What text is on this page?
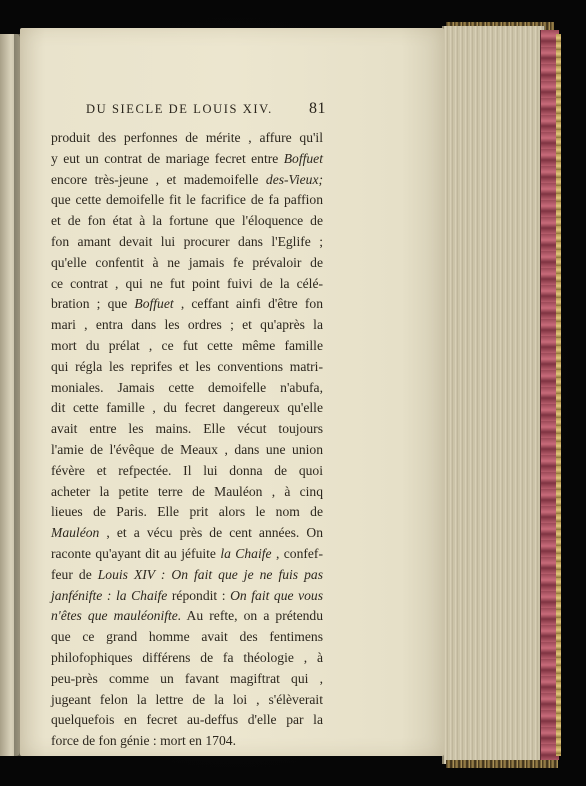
DU SIECLE DE LOUIS XIV. 81
produit des perfonnes de mérite , affure qu'il
y eut un contrat de mariage fecret entre Boffuet
encore très-jeune , et mademoifelle des-Vieux;
que cette demoifelle fit le facrifice de fa paffion
et de fon état à la fortune que l'éloquence de
fon amant devait lui procurer dans l'Eglife ;
qu'elle confentit à ne jamais fe prévaloir de
ce contrat , qui ne fut point fuivi de la célé-
bration ; que Boffuet , ceffant ainfi d'être fon
mari , entra dans les ordres ; et qu'après la
mort du prélat , ce fut cette même famille
qui régla les reprifes et les conventions matri-
moniales. Jamais cette demoifelle n'abufa,
dit cette famille , du fecret dangereux qu'elle
avait entre les mains. Elle vécut toujours
l'amie de l'évêque de Meaux , dans une union
févère et refpectée. Il lui donna de quoi
acheter la petite terre de Mauléon , à cinq
lieues de Paris. Elle prit alors le nom de
Mauléon , et a vécu près de cent années. On
raconte qu'ayant dit au jéfuite la Chaife , confef-
feur de Louis XIV : On fait que je ne fuis pas
janfénifte : la Chaife répondit : On fait que vous
n'êtes que mauléonifte. Au refte, on a prétendu
que ce grand homme avait des fentimens
philofophiques différens de fa théologie , à
peu-près comme un favant magiftrat qui ,
jugeant felon la lettre de la loi , s'élèverait
quelquefois en fecret au-deffus d'elle par la
force de fon génie : mort en 1704.
